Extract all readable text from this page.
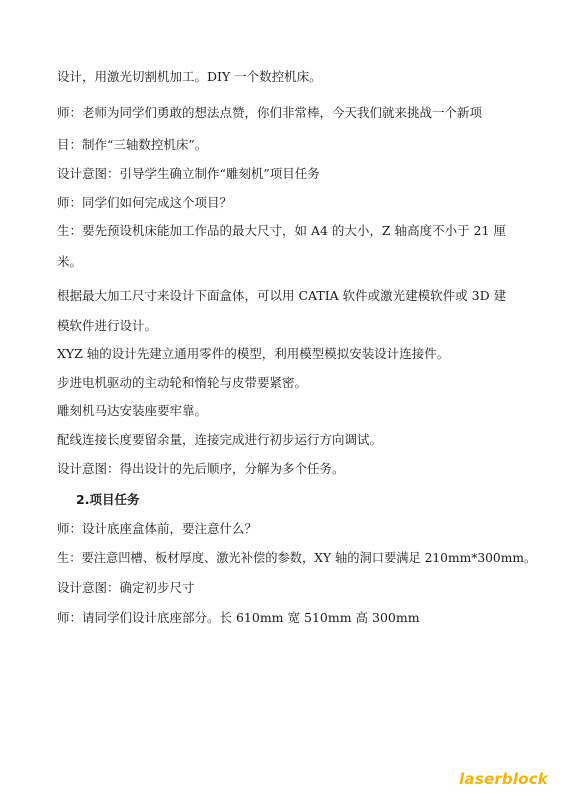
设计，用激光切割机加工。DIY 一个数控机床。
师：老师为同学们勇敢的想法点赞，你们非常棒，今天我们就来挑战一个新项
目：制作“三轴数控机床”。
设计意图：引导学生确立制作“雕刻机”项目任务
师：同学们如何完成这个项目？
生：要先预设机床能加工作品的最大尺寸，如 A4 的大小，Z 轴高度不小于 21 厘
米。
根据最大加工尺寸来设计下面盒体，可以用 CATIA 软件或激光建模软件或 3D 建
模软件进行设计。
XYZ 轴的设计先建立通用零件的模型，利用模型模拟安装设计连接件。
步进电机驱动的主动轮和惰轮与皮带要紧密。
雕刻机马达安装座要牢靠。
配线连接长度要留余量，连接完成进行初步运行方向调试。
设计意图：得出设计的先后顺序，分解为多个任务。
2.项目任务
师：设计底座盒体前，要注意什么？
生：要注意凹槽、板材厚度、激光补偿的参数，XY 轴的洞口要满足 210mm*300mm。
设计意图：确定初步尺寸
师：请同学们设计底座部分。长 610mm 宽 510mm 高 300mm
laserblock
